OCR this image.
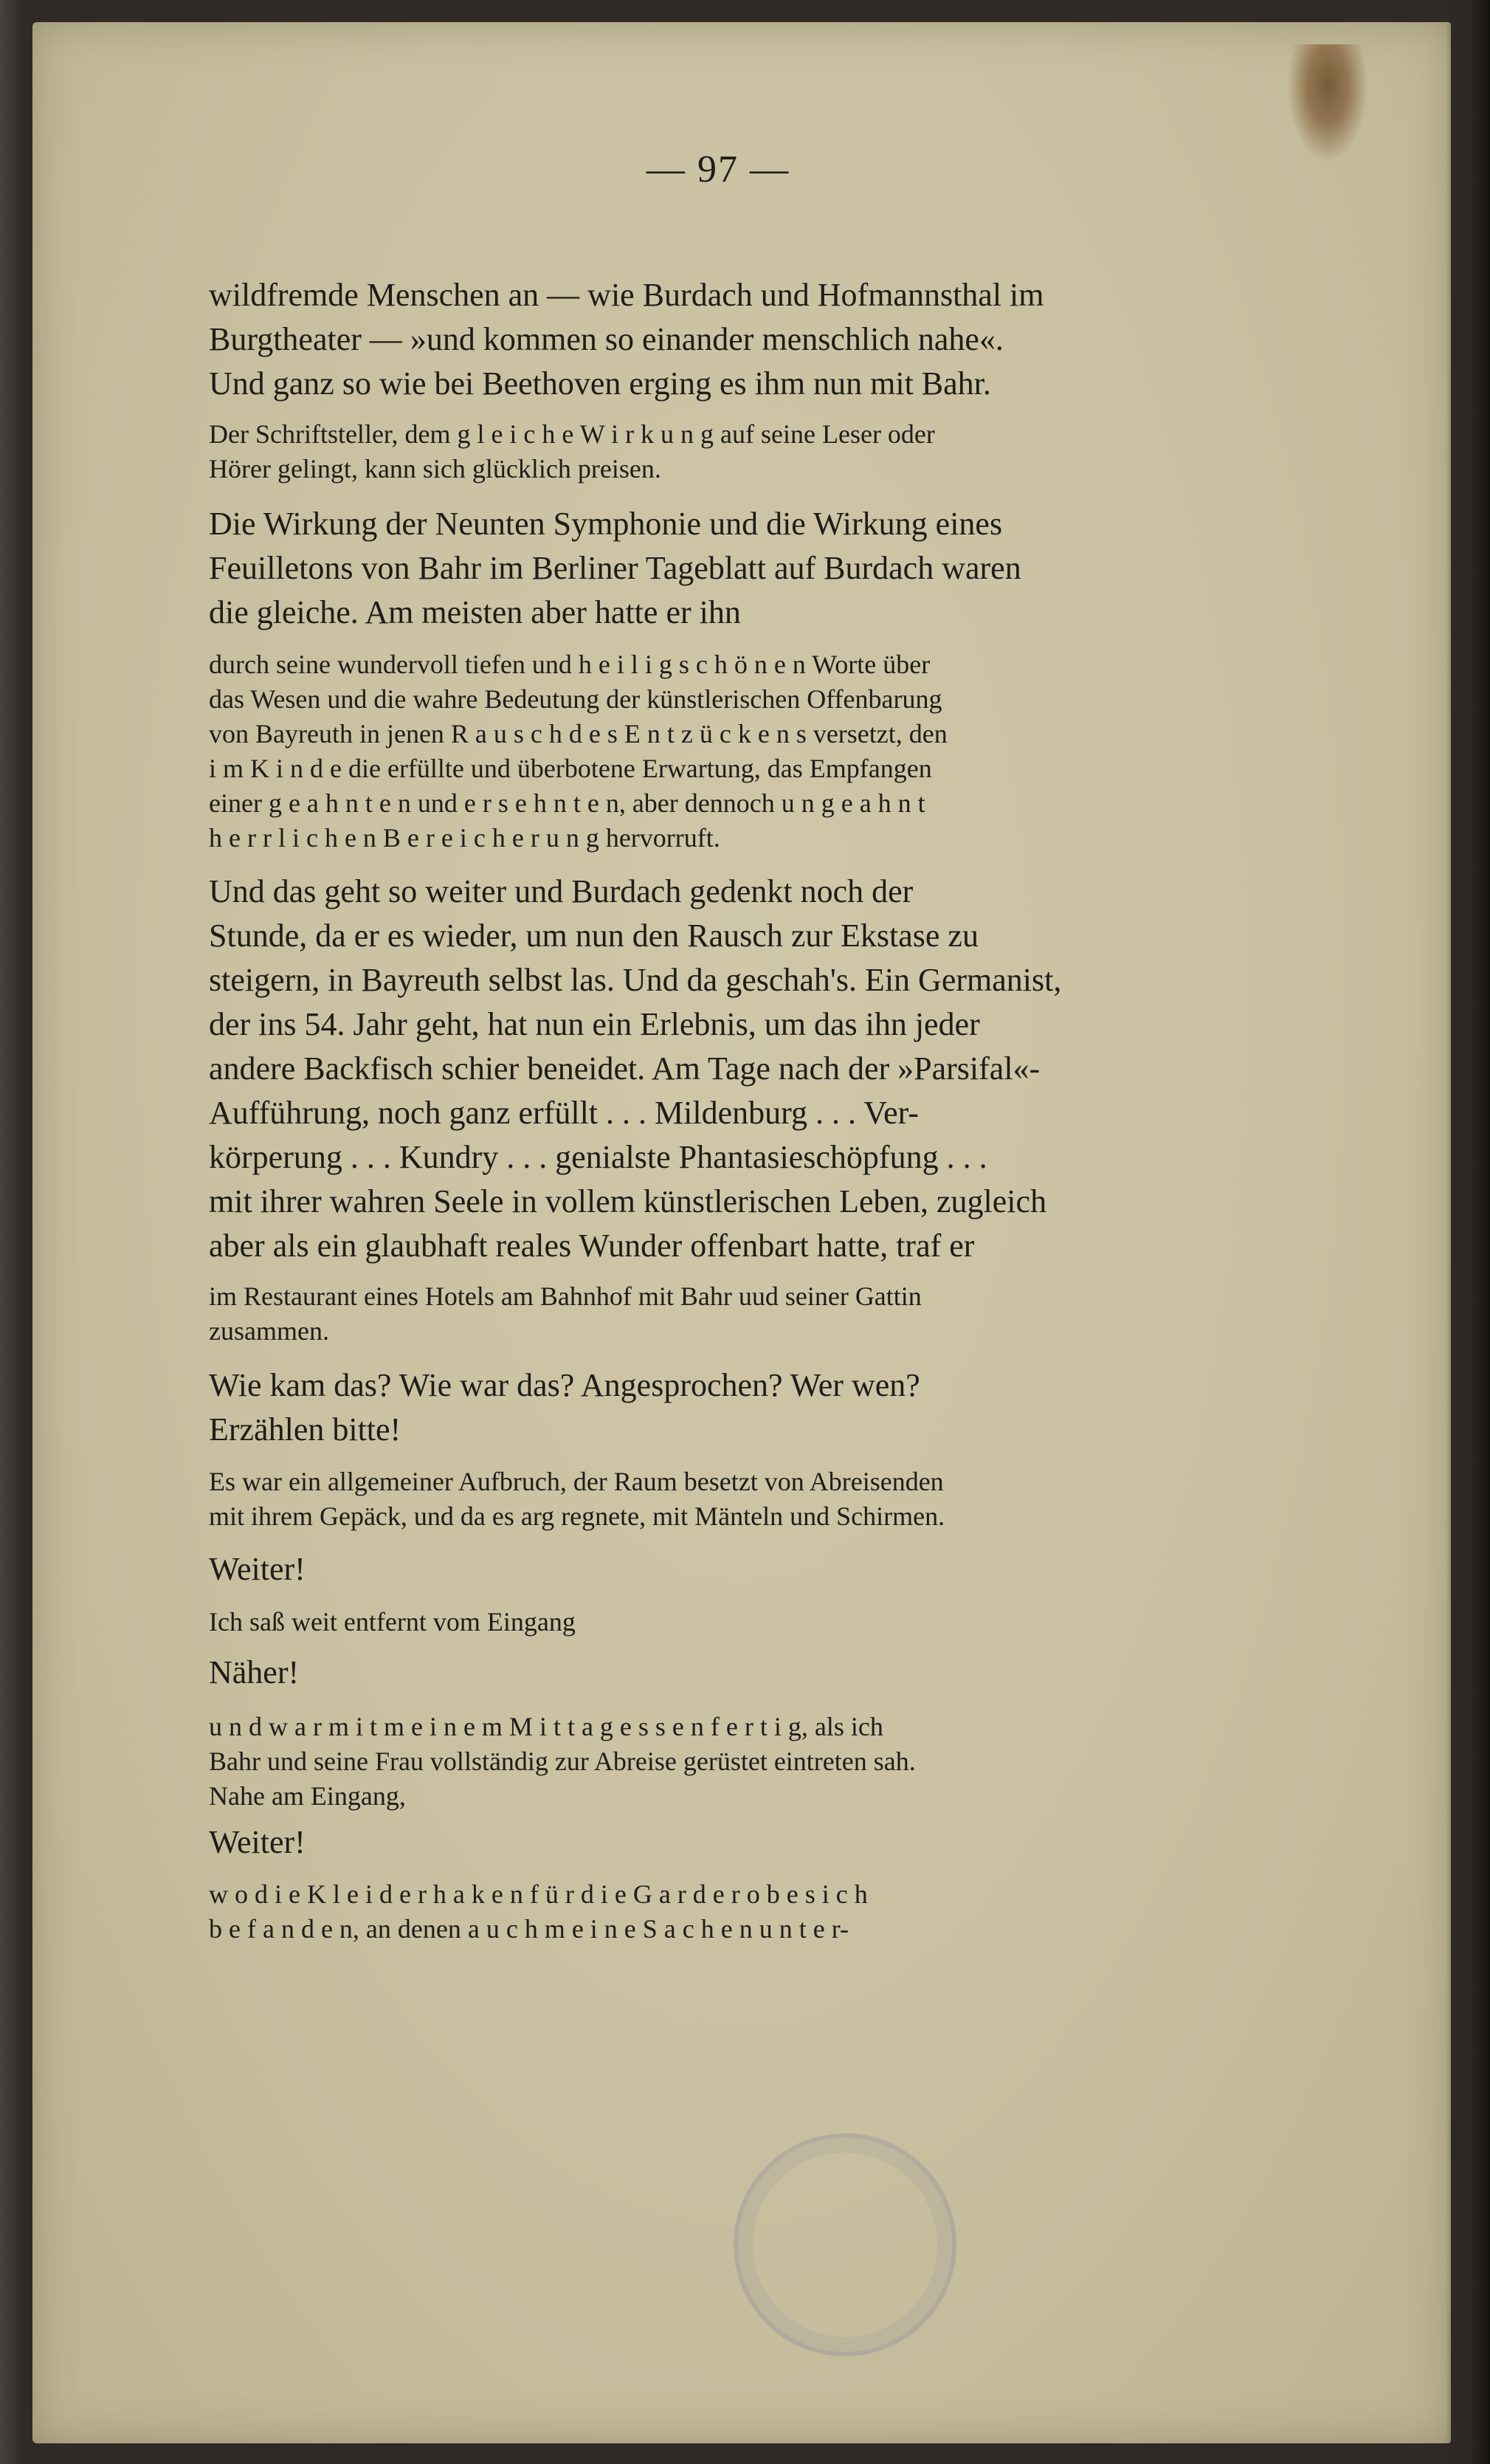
— 97 —
wildfremde Menschen an — wie Burdach und Hofmannsthal im
Burgtheater — »und kommen so einander menschlich nahe«.
Und ganz so wie bei Beethoven erging es ihm nun mit Bahr.
Der Schriftsteller, dem g l e i c h e W i r k u n g auf seine Leser oder
Hörer gelingt, kann sich glücklich preisen.
Die Wirkung der Neunten Symphonie und die Wirkung eines
Feuilletons von Bahr im Berliner Tageblatt auf Burdach waren
die gleiche. Am meisten aber hatte er ihn
durch seine wundervoll tiefen und h e i l i g s c h ö n e n Worte über
das Wesen und die wahre Bedeutung der künstlerischen Offenbarung
von Bayreuth in jenen R a u s c h d e s E n t z ü c k e n s versetzt, den
i m K i n d e die erfüllte und überbotene Erwartung, das Empfangen
einer g e a h n t e n und e r s e h n t e n, aber dennoch u n g e a h n t
h e r r l i c h e n B e r e i c h e r u n g hervorruft.
Und das geht so weiter und Burdach gedenkt noch der
Stunde, da er es wieder, um nun den Rausch zur Ekstase zu
steigern, in Bayreuth selbst las. Und da geschah's. Ein Germanist,
der ins 54. Jahr geht, hat nun ein Erlebnis, um das ihn jeder
andere Backfisch schier beneidet. Am Tage nach der »Parsifal«-
Aufführung, noch ganz erfüllt . . . Mildenburg . . . Ver-
körperung . . . Kundry . . . genialste Phantasieschöpfung . . .
mit ihrer wahren Seele in vollem künstlerischen Leben, zugleich
aber als ein glaubhaft reales Wunder offenbart hatte, traf er
im Restaurant eines Hotels am Bahnhof mit Bahr uud seiner Gattin
zusammen.
Wie kam das? Wie war das? Angesprochen? Wer wen?
Erzählen bitte!
Es war ein allgemeiner Aufbruch, der Raum besetzt von Abreisenden
mit ihrem Gepäck, und da es arg regnete, mit Mänteln und Schirmen.
Weiter!
Ich saß weit entfernt vom Eingang
Näher!
u n d w a r m i t m e i n e m M i t t a g e s s e n f e r t i g, als ich
Bahr und seine Frau vollständig zur Abreise gerüstet eintreten sah.
Nahe am Eingang,
Weiter!
w o d i e K l e i d e r h a k e n f ü r d i e G a r d e r o b e s i c h
b e f a n d e n, an denen a u c h m e i n e S a c h e n u n t e r-
